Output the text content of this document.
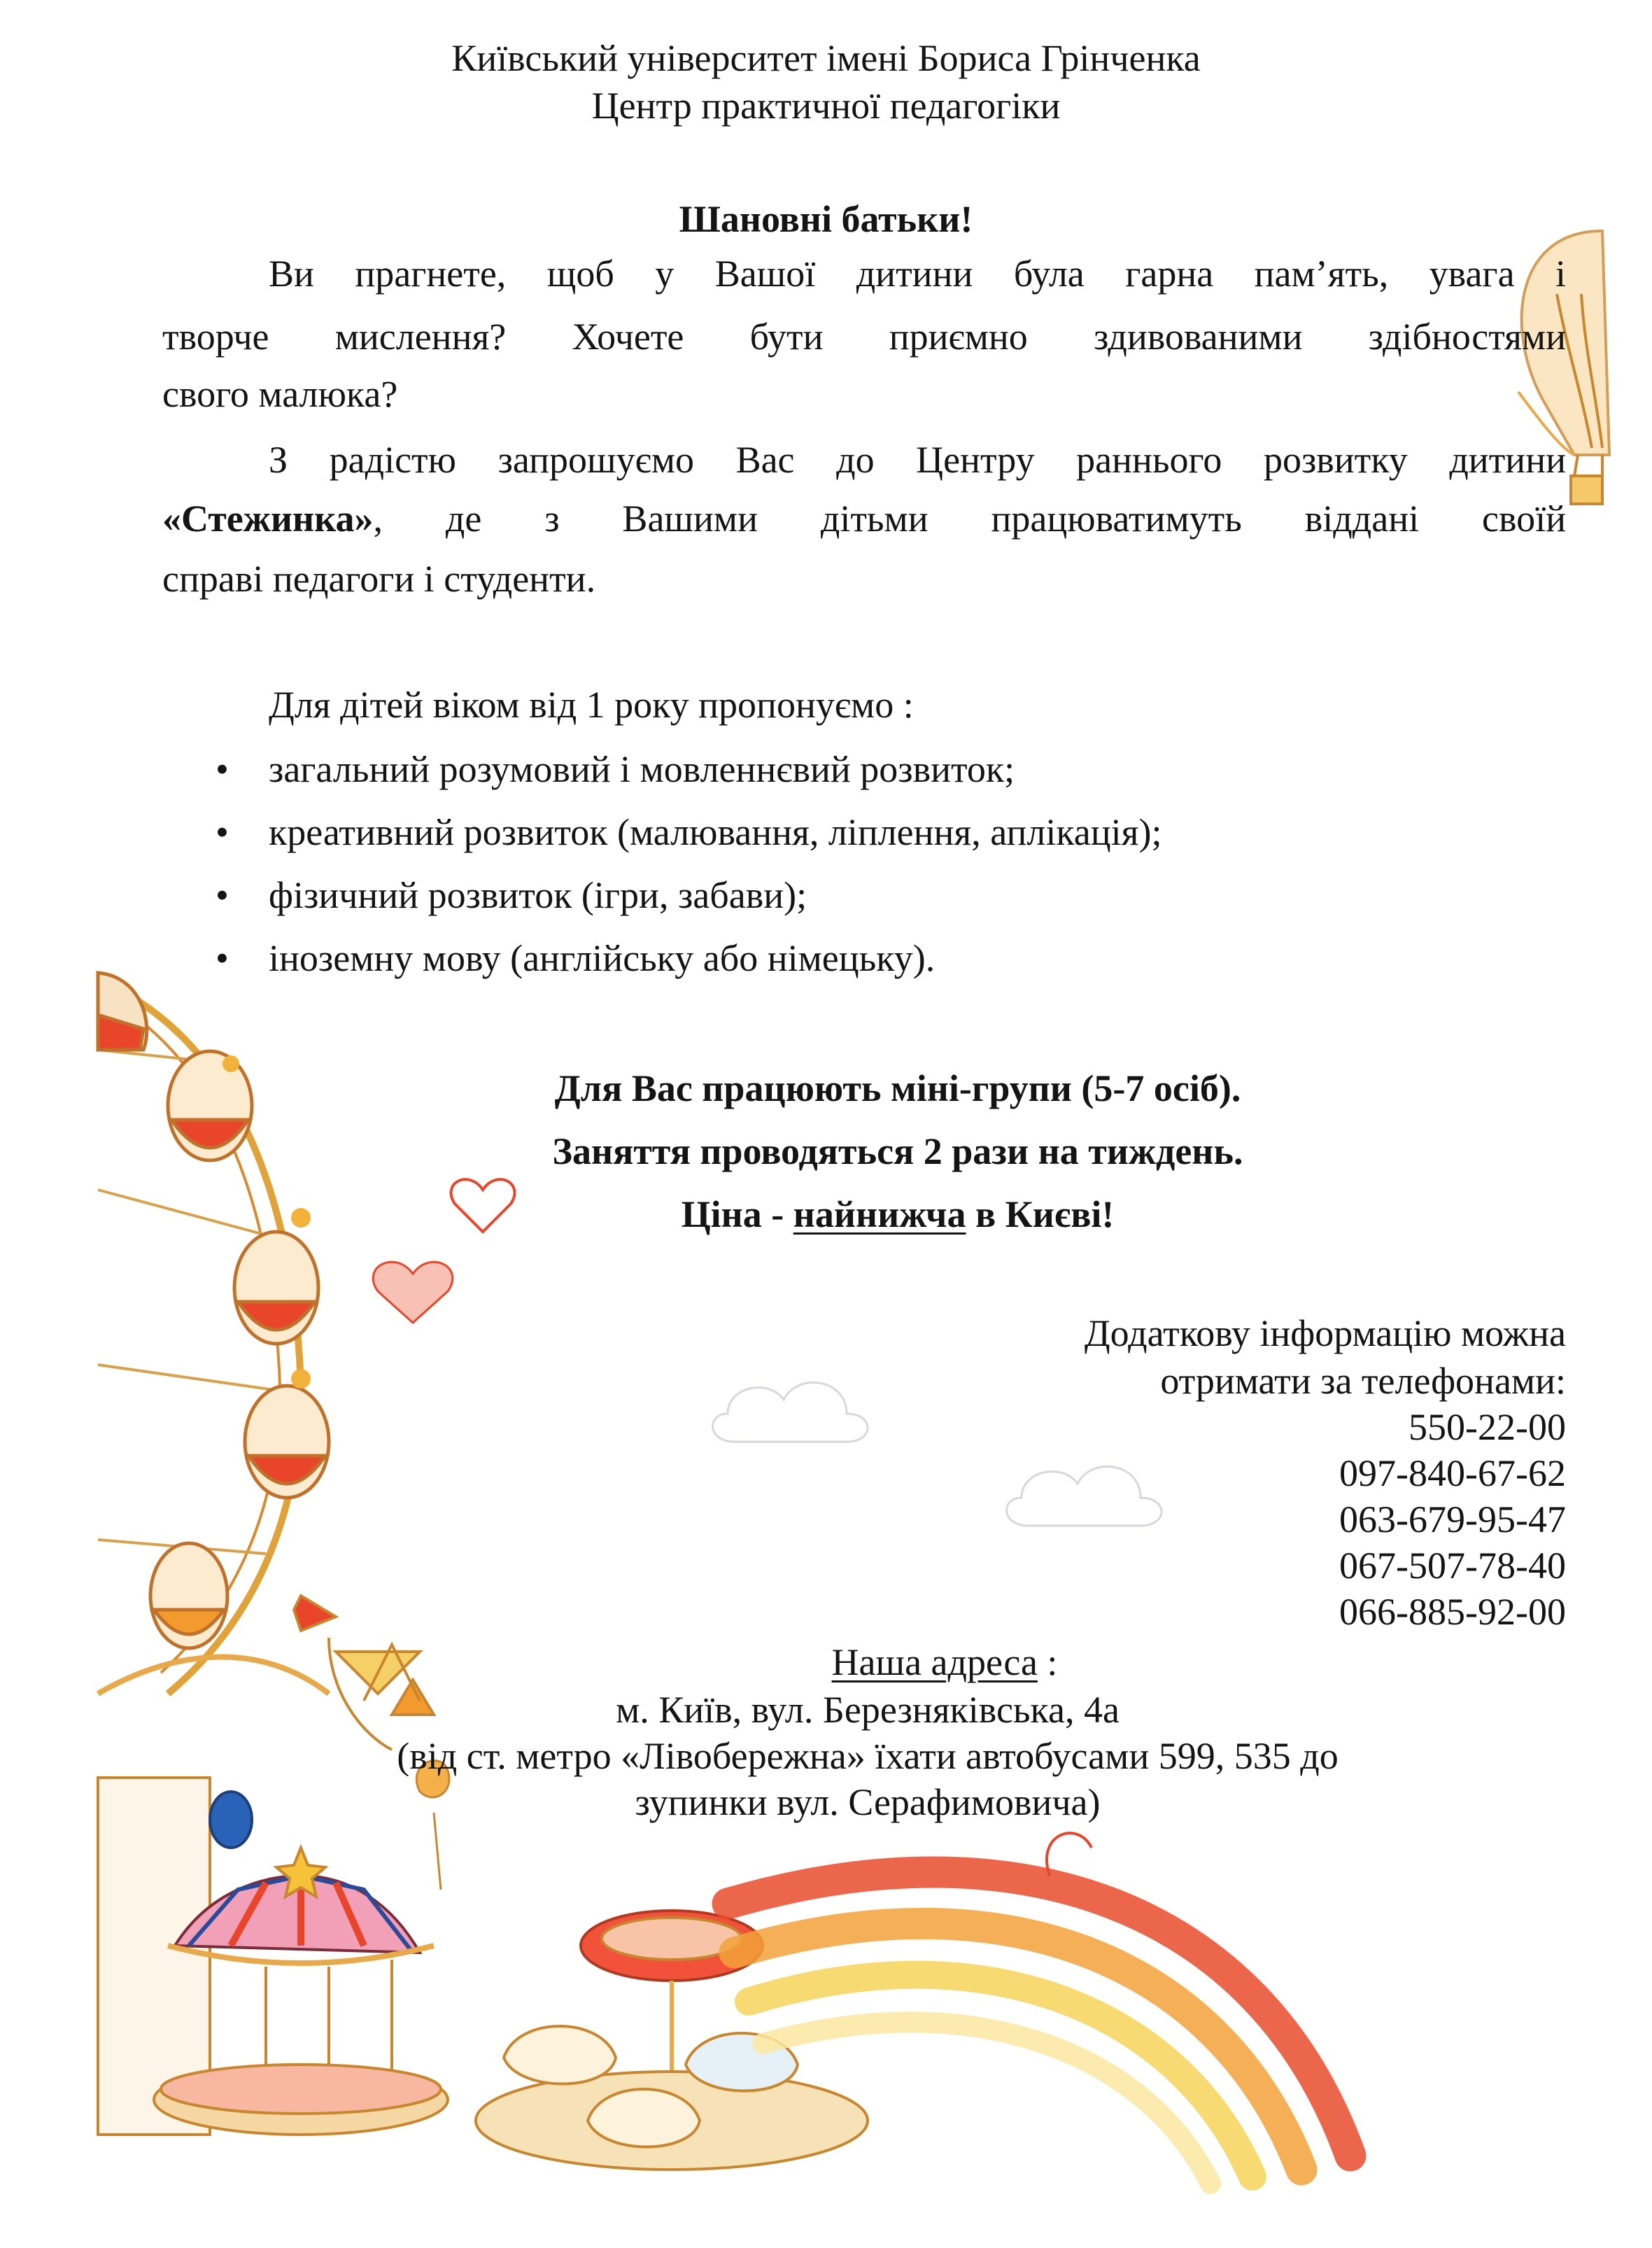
Київський університет імені Бориса Грінченка

Центр практичної педагогіки

Шановні батьки!

Ви прагнете, щоб у Вашої дитини була гарна пам’ять, увага і

творче мислення? Хочете бути приємно здивованими здібностями

свого малюка?

З радістю запрошуємо Вас до Центру раннього розвитку дитини

«Стежинка», де з Вашими дітьми працюватимуть віддані своїй

справі педагоги і студенти.

Для дітей віком від 1 року пропонуємо :

• загальний розумовий і мовленнєвий розвиток;
• креативний розвиток (малювання, ліплення, аплікація);
• фізичний розвиток (ігри, забави);
• іноземну мову (англійську або німецьку).

Для Вас працюють міні-групи (5-7 осіб).

Заняття проводяться 2 рази на тиждень.

Ціна - найнижча в Києві!

Додаткову інформацію можна

отримати за телефонами:

550-22-00

097-840-67-62

063-679-95-47

067-507-78-40

066-885-92-00

Наша адреса :

м. Київ, вул. Березняківська, 4а

(від ст. метро «Лівобережна» їхати автобусами 599, 535 до

зупинки вул. Серафимовича)
